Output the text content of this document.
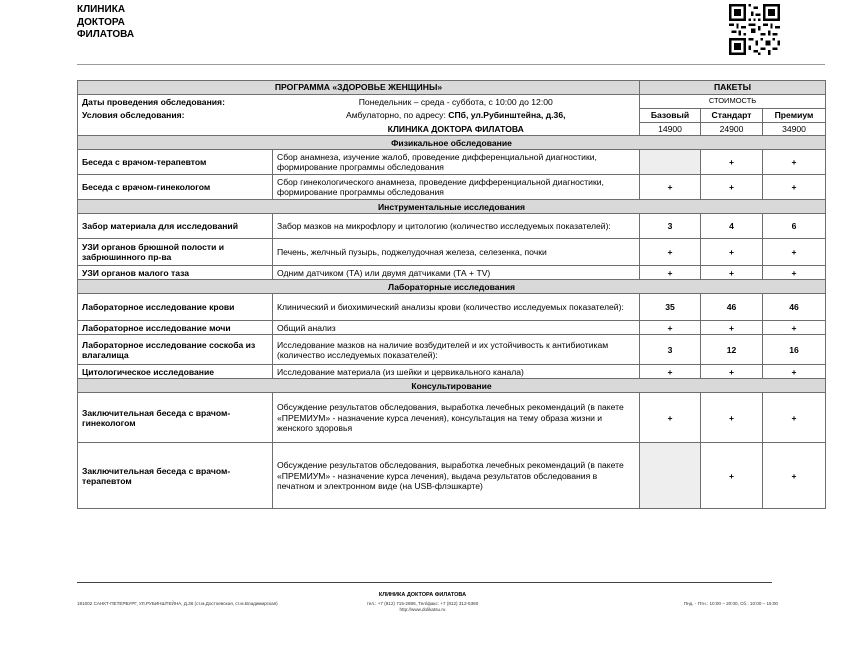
КЛИНИКА
ДОКТОРА
ФИЛАТОВА
ПРОГРАММА «ЗДОРОВЬЕ ЖЕНЩИНЫ»		ПАКЕТЫ		
Даты проведения обследования:	Понедельник – среда - суббота, с 10:00 до 12:00	СТОИМОСТЬ		
Условия обследования:	Амбулаторно, по адресу: СПб, ул.Рубинштейна, д.36,	Базовый	Стандарт	Премиум
	КЛИНИКА ДОКТОРА ФИЛАТОВА	14900	24900	34900
Физикальное обследование				
Беседа с врачом-терапевтом	Сбор анамнеза, изучение жалоб, проведение дифференциальной диагностики, формирование программы обследования		+	+
Беседа с врачом-гинекологом	Сбор гинекологического анамнеза, проведение дифференциальной диагностики, формирование программы обследования	+	+	+
Инструментальные исследования				
Забор материала для исследований	Забор мазков на микрофлору и цитологию (количество исследуемых показателей):	3	4	6
УЗИ органов брюшной полости и забрюшинного пр-ва	Печень, желчный пузырь, поджелудочная железа, селезенка, почки	+	+	+
УЗИ органов малого таза	Одним датчиком (ТА) или двумя датчиками (ТА + TV)	+	+	+
Лабораторные исследования				
Лабораторное исследование крови	Клинический и биохимический анализы крови (количество исследуемых показателей):	35	46	46
Лабораторное исследование мочи	Общий анализ	+	+	+
Лабораторное исследование соскоба из влагалища	Исследование мазков на наличие возбудителей и их устойчивость к антибиотикам (количество исследуемых показателей):	3	12	16
Цитологическое исследование	Исследование материала (из шейки и цервикального канала)	+	+	+
Консультирование				
Заключительная беседа с врачом-гинекологом	Обсуждение результатов обследования, выработка лечебных рекомендаций (в пакете «ПРЕМИУМ» - назначение курса лечения), консультация на тему образа жизни и женского здоровья	+	+	+
Заключительная беседа с врачом-терапевтом	Обсуждение результатов обследования, выработка лечебных рекомендаций (в пакете «ПРЕМИУМ» - назначение курса лечения), выдача результатов обследования в печатном и электронном виде (на USB-флэшкарте)		+	+
КЛИНИКА ДОКТОРА ФИЛАТОВА
191002 САНКТ-ПЕТЕРБУРГ, УЛ.РУБИНШТЕЙНА, Д.36 (ст.м.Достоевская, ст.м.Владимирская)	тел.: +7 (812) 715-2886, Тел/факс: +7 (812) 312-5360
http://www.dolikatsu.ru
Пнд. - Птн.: 10:00 – 20:00, Сб.: 10:00 – 15:00
